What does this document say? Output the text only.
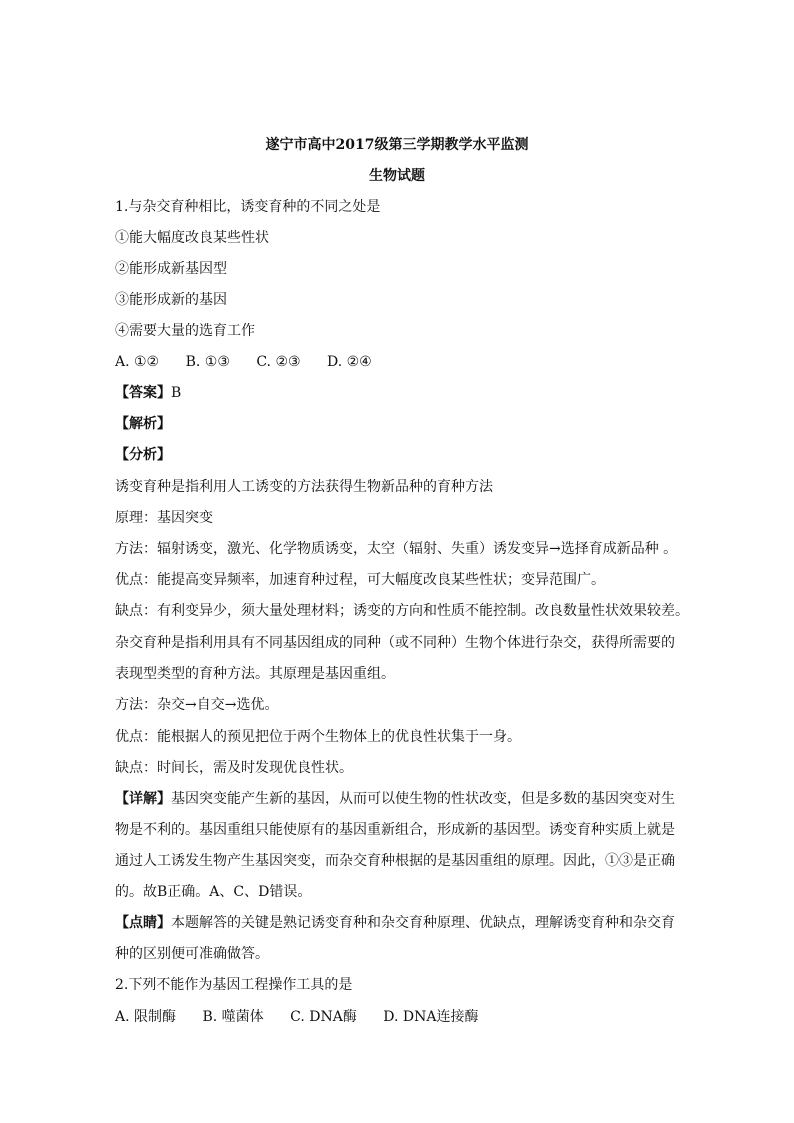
遂宁市高中2017级第三学期教学水平监测
生物试题
1.与杂交育种相比，诱变育种的不同之处是
①能大幅度改良某些性状
②能形成新基因型
③能形成新的基因
④需要大量的选育工作
A. ①② B. ①③ C. ②③ D. ②④
【答案】B
【解析】
【分析】
诱变育种是指利用人工诱变的方法获得生物新品种的育种方法
原理：基因突变
方法：辐射诱变，激光、化学物质诱变，太空（辐射、失重）诱发变异→选择育成新品种 。
优点：能提高变异频率，加速育种过程，可大幅度改良某些性状；变异范围广。
缺点：有利变异少，须大量处理材料；诱变的方向和性质不能控制。改良数量性状效果较差。
杂交育种是指利用具有不同基因组成的同种（或不同种）生物个体进行杂交，获得所需要的
表现型类型的育种方法。其原理是基因重组。
方法：杂交→自交→选优。
优点：能根据人的预见把位于两个生物体上的优良性状集于一身。
缺点：时间长，需及时发现优良性状。
【详解】基因突变能产生新的基因，从而可以使生物的性状改变，但是多数的基因突变对生
物是不利的。基因重组只能使原有的基因重新组合，形成新的基因型。诱变育种实质上就是
通过人工诱发生物产生基因突变，而杂交育种根据的是基因重组的原理。因此，①③是正确
的。故B正确。A、C、D错误。
【点睛】本题解答的关键是熟记诱变育种和杂交育种原理、优缺点，理解诱变育种和杂交育
种的区别便可准确做答。
2.下列不能作为基因工程操作工具的是
A. 限制酶 B. 噬菌体 C. DNA酶 D. DNA连接酶
